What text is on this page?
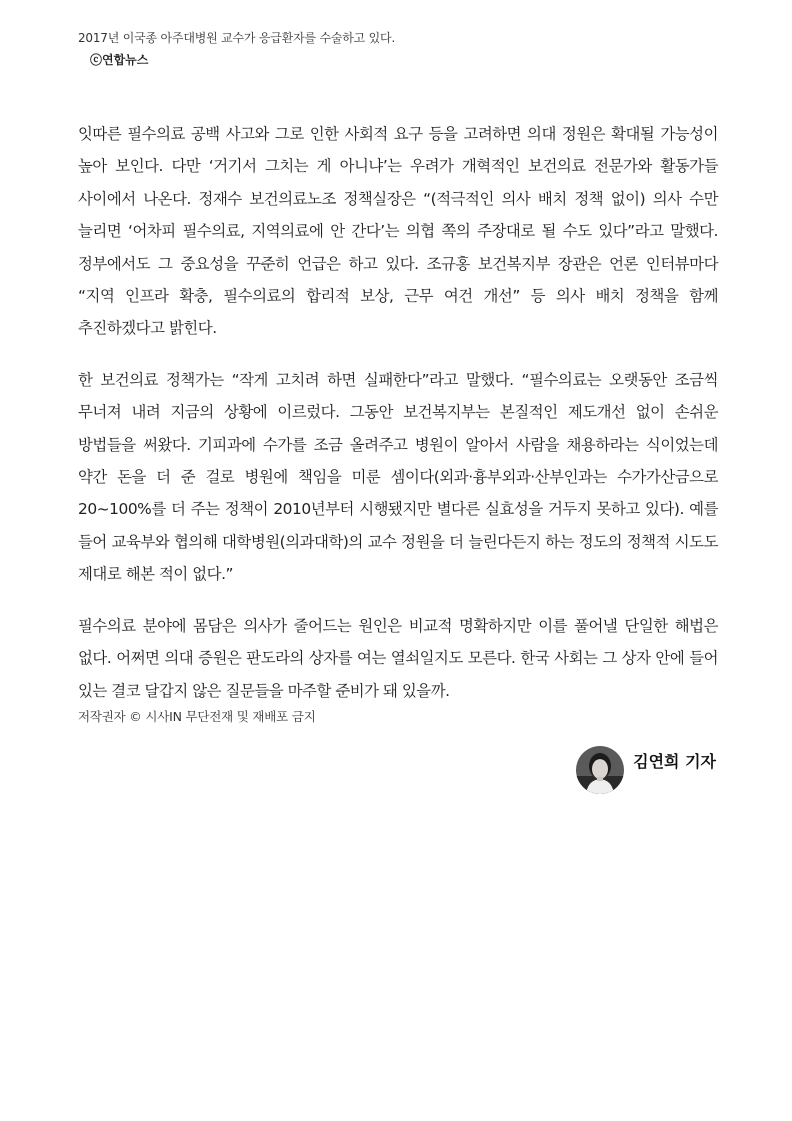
2017년 이국종 아주대병원 교수가 응급환자를 수술하고 있다.
ⓒ연합뉴스

잇따른 필수의료 공백 사고와 그로 인한 사회적 요구 등을 고려하면 의대 정원은 확대될 가능성이 높아 보인다. 다만 ‘거기서 그치는 게 아니냐’는 우려가 개혁적인 보건의료 전문가와 활동가들 사이에서 나온다. 정재수 보건의료노조 정책실장은 “(적극적인 의사 배치 정책 없이) 의사 수만 늘리면 ‘어차피 필수의료, 지역의료에 안 간다’는 의협 쪽의 주장대로 될 수도 있다”라고 말했다. 정부에서도 그 중요성을 꾸준히 언급은 하고 있다. 조규홍 보건복지부 장관은 언론 인터뷰마다 “지역 인프라 확충, 필수의료의 합리적 보상, 근무 여건 개선” 등 의사 배치 정책을 함께 추진하겠다고 밝힌다.

한 보건의료 정책가는 “작게 고치려 하면 실패한다”라고 말했다. “필수의료는 오랫동안 조금씩 무너져 내려 지금의 상황에 이르렀다. 그동안 보건복지부는 본질적인 제도개선 없이 손쉬운 방법들을 써왔다. 기피과에 수가를 조금 올려주고 병원이 알아서 사람을 채용하라는 식이었는데 약간 돈을 더 준 걸로 병원에 책임을 미룬 셈이다(외과·흉부외과·산부인과는 수가가산금으로 20~100%를 더 주는 정책이 2010년부터 시행됐지만 별다른 실효성을 거두지 못하고 있다). 예를 들어 교육부와 협의해 대학병원(의과대학)의 교수 정원을 더 늘린다든지 하는 정도의 정책적 시도도 제대로 해본 적이 없다.”

필수의료 분야에 몸담은 의사가 줄어드는 원인은 비교적 명확하지만 이를 풀어낼 단일한 해법은 없다. 어쩌면 의대 증원은 판도라의 상자를 여는 열쇠일지도 모른다. 한국 사회는 그 상자 안에 들어 있는 결코 달갑지 않은 질문들을 마주할 준비가 돼 있을까.

저작권자 © 시사IN 무단전재 및 재배포 금지
김연희 기자
